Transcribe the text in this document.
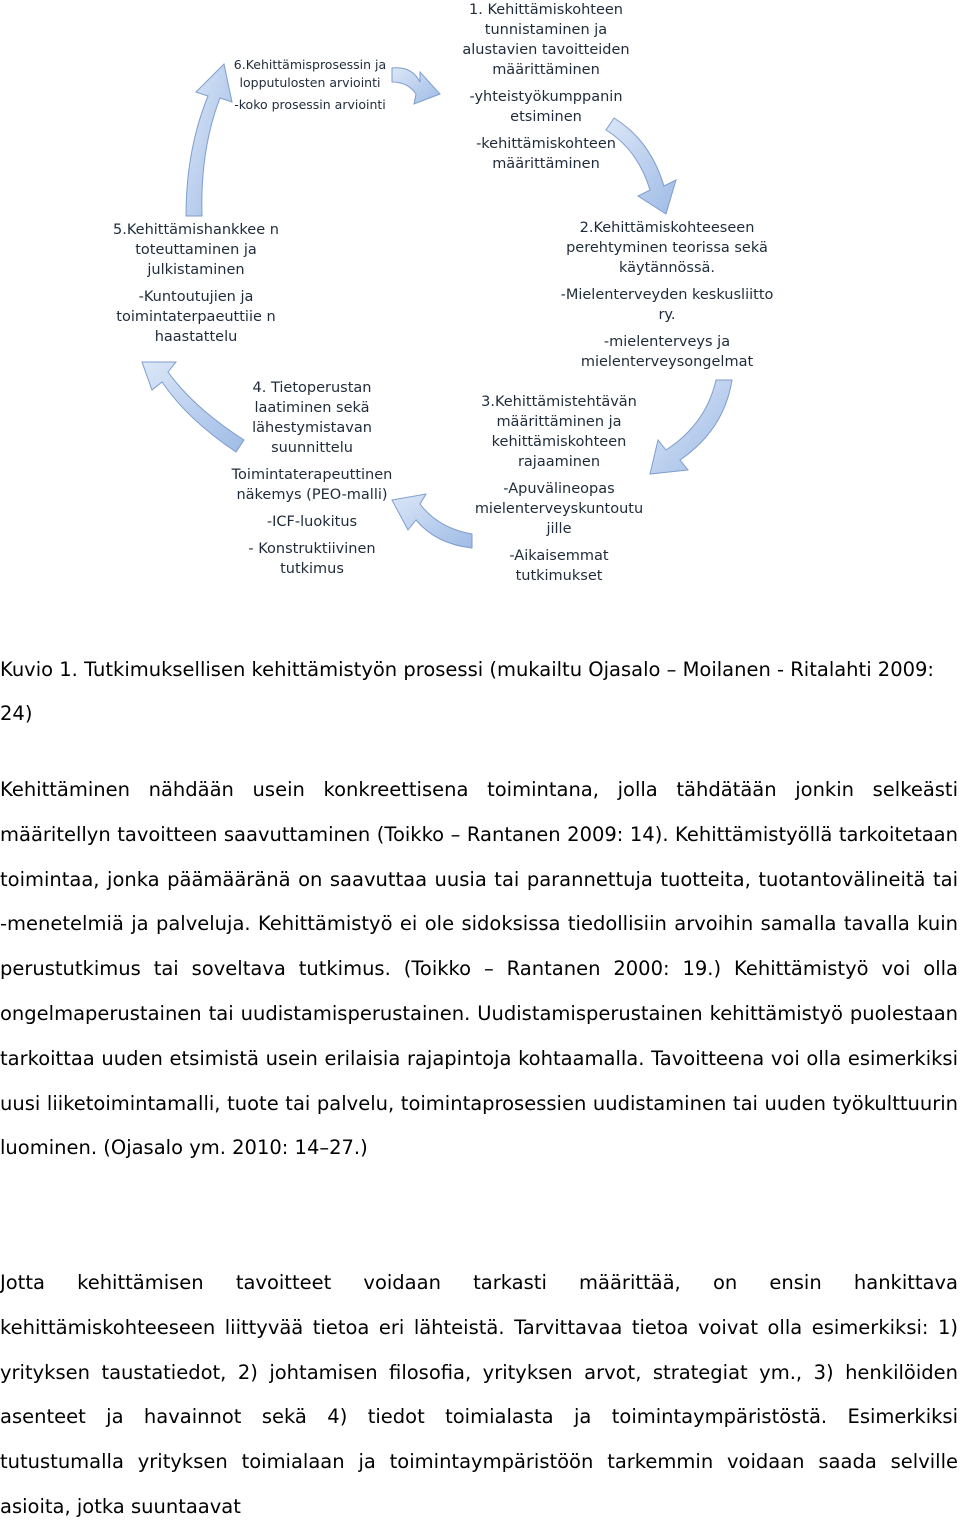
6.Kehittämisprosessin ja lopputulosten arviointi

-koko prosessin arviointi

1. Kehittämiskohteen tunnistaminen ja alustavien tavoitteiden määrittäminen

-yhteistyökumppanin etsiminen

-kehittämiskohteen määrittäminen

5.Kehittämishankkee n toteuttaminen ja julkistaminen

-Kuntoutujien ja toimintaterpaeuttiie n haastattelu

2.Kehittämiskohteeseen perehtyminen teorissa sekä käytännössä.

-Mielenterveyden keskusliitto ry.

-mielenterveys ja mielenterveysongelmat

4. Tietoperustan laatiminen sekä lähestymistavan suunnittelu

Toimintaterapeuttinen näkemys (PEO-malli)

-ICF-luokitus

- Konstruktiivinen tutkimus

3.Kehittämistehtävän määrittäminen ja kehittämiskohteen rajaaminen

-Apuvälineopas mielenterveyskuntoutu jille

-Aikaisemmat tutkimukset

Kuvio 1. Tutkimuksellisen kehittämistyön prosessi (mukailtu Ojasalo – Moilanen - Ritalahti 2009: 24)
Kehittäminen nähdään usein konkreettisena toimintana, jolla tähdätään jonkin selkeästi määritellyn tavoitteen saavuttaminen (Toikko – Rantanen 2009: 14). Kehittämistyöllä tarkoitetaan toimintaa, jonka päämääränä on saavuttaa uusia tai parannettuja tuotteita, tuotantovälineitä tai -menetelmiä ja palveluja. Kehittämistyö ei ole sidoksissa tiedollisiin arvoihin samalla tavalla kuin perustutkimus tai soveltava tutkimus. (Toikko – Rantanen 2000: 19.) Kehittämistyö voi olla ongelmaperustainen tai uudistamisperustainen. Uudistamisperustainen kehittämistyö puolestaan tarkoittaa uuden etsimistä usein erilaisia rajapintoja kohtaamalla. Tavoitteena voi olla esimerkiksi uusi liiketoimintamalli, tuote tai palvelu, toimintaprosessien uudistaminen tai uuden työkulttuurin luominen. (Ojasalo ym. 2010: 14–27.)
Jotta kehittämisen tavoitteet voidaan tarkasti määrittää, on ensin hankittava kehittämiskohteeseen liittyvää tietoa eri lähteistä. Tarvittavaa tietoa voivat olla esimerkiksi: 1) yrityksen taustatiedot, 2) johtamisen filosofia, yrityksen arvot, strategiat ym., 3) henkilöiden asenteet ja havainnot sekä 4) tiedot toimialasta ja toimintaympäristöstä. Esimerkiksi tutustumalla yrityksen toimialaan ja toimintaympäristöön tarkemmin voidaan saada selville asioita, jotka suuntaavat
